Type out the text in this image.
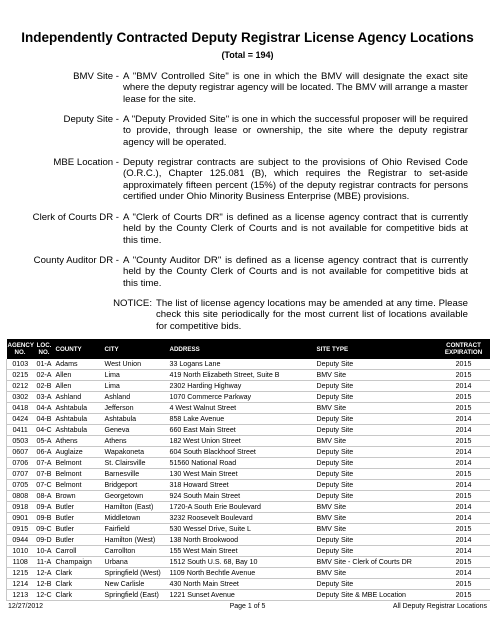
Independently Contracted Deputy Registrar License Agency Locations
(Total = 194)
BMV Site - A "BMV Controlled Site" is one in which the BMV will designate the exact site where the deputy registrar agency will be located. The BMV will arrange a master lease for the site.
Deputy Site - A "Deputy Provided Site" is one in which the successful proposer will be required to provide, through lease or ownership, the site where the deputy registrar agency will be operated.
MBE Location - Deputy registrar contracts are subject to the provisions of Ohio Revised Code (O.R.C.), Chapter 125.081 (B), which requires the Registrar to set-aside approximately fifteen percent (15%) of the deputy registrar contracts for persons certified under Ohio Minority Business Enterprise (MBE) provisions.
Clerk of Courts DR - A "Clerk of Courts DR" is defined as a license agency contract that is currently held by the County Clerk of Courts and is not available for competitive bids at this time.
County Auditor DR - A "County Auditor DR" is defined as a license agency contract that is currently held by the County Clerk of Courts and is not available for competitive bids at this time.
NOTICE: The list of license agency locations may be amended at any time. Please check this site periodically for the most current list of locations available for competitive bids.
AGENCY NO.	LOC. NO.	COUNTY	CITY	ADDRESS	SITE TYPE	CONTRACT EXPIRATION
0103	01-A	Adams	West Union	33 Logans Lane	Deputy Site	2015
0215	02-A	Allen	Lima	419 North Elizabeth Street, Suite B	BMV Site	2015
0212	02-B	Allen	Lima	2302 Harding Highway	Deputy Site	2014
0302	03-A	Ashland	Ashland	1070 Commerce Parkway	Deputy Site	2015
0418	04-A	Ashtabula	Jefferson	4 West Walnut Street	BMV Site	2015
0424	04-B	Ashtabula	Ashtabula	858 Lake Avenue	Deputy Site	2014
0411	04-C	Ashtabula	Geneva	660 East Main Street	Deputy Site	2014
0503	05-A	Athens	Athens	182 West Union Street	BMV Site	2015
0607	06-A	Auglaize	Wapakoneta	604 South Blackhoof Street	Deputy Site	2014
0706	07-A	Belmont	St. Clairsville	51560 National Road	Deputy Site	2014
0707	07-B	Belmont	Barnesville	130 West Main Street	Deputy Site	2015
0705	07-C	Belmont	Bridgeport	318 Howard Street	Deputy Site	2014
0808	08-A	Brown	Georgetown	924 South Main Street	Deputy Site	2015
0918	09-A	Butler	Hamilton (East)	1720-A South Erie Boulevard	BMV Site	2014
0901	09-B	Butler	Middletown	3232 Roosevelt Boulevard	BMV Site	2014
0915	09-C	Butler	Fairfield	530 Wessel Drive, Suite L	BMV Site	2015
0944	09-D	Butler	Hamilton (West)	138 North Brookwood	Deputy Site	2014
1010	10-A	Carroll	Carrollton	155 West Main Street	Deputy Site	2014
1108	11-A	Champaign	Urbana	1512 South U.S. 68, Bay 10	BMV Site - Clerk of Courts DR	2015
1215	12-A	Clark	Springfield (West)	1109 North Bechtle Avenue	BMV Site	2014
1214	12-B	Clark	New Carlisle	430 North Main Street	Deputy Site	2015
1213	12-C	Clark	Springfield (East)	1221 Sunset Avenue	Deputy Site & MBE Location	2015
12/27/2012	Page 1 of 5	All Deputy Registrar Locations
